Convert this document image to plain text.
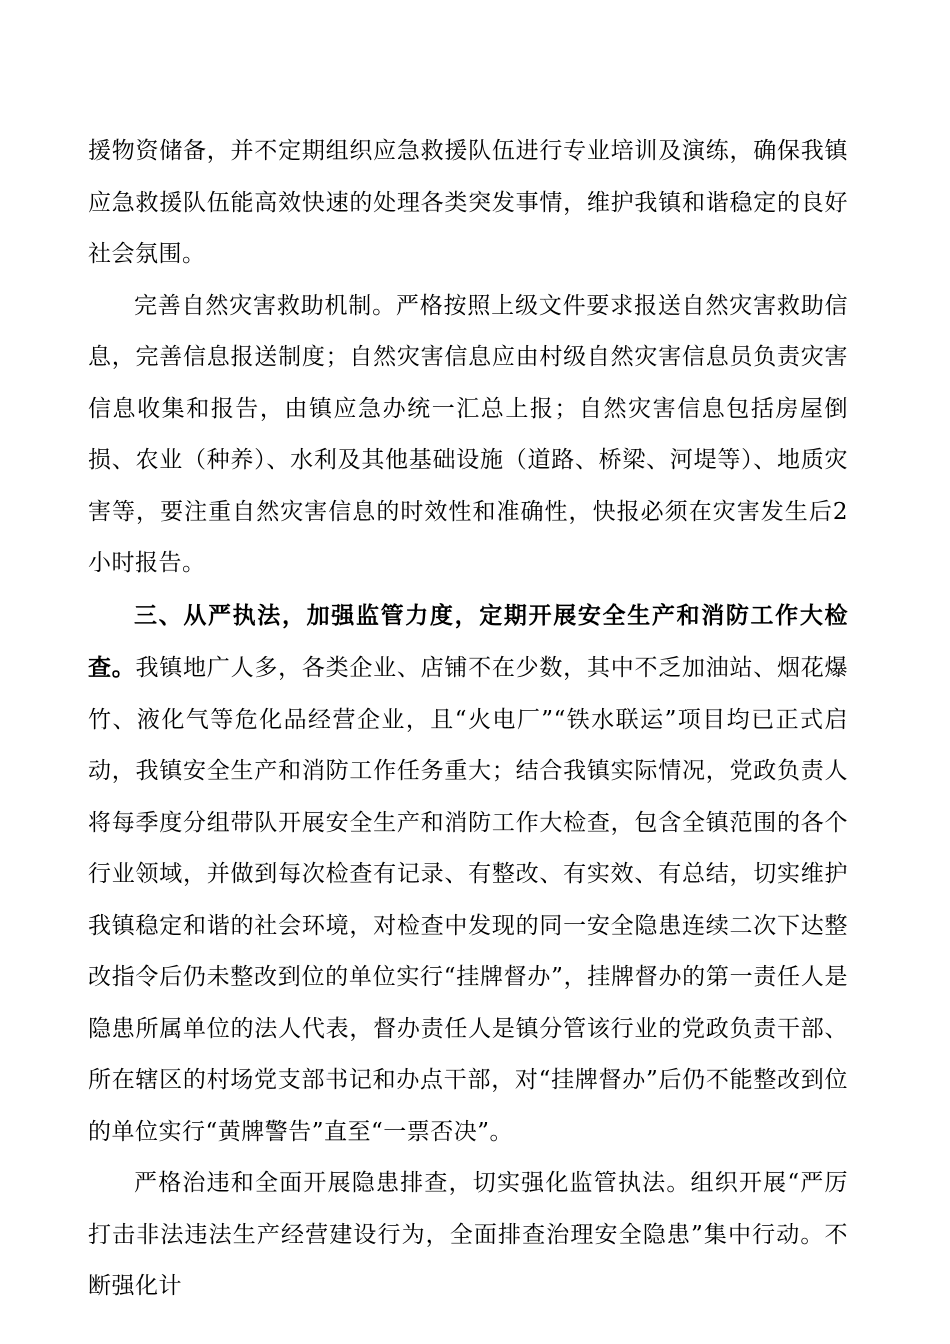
援物资储备，并不定期组织应急救援队伍进行专业培训及演练，确保我镇应急救援队伍能高效快速的处理各类突发事情，维护我镇和谐稳定的良好社会氛围。

完善自然灾害救助机制。严格按照上级文件要求报送自然灾害救助信息，完善信息报送制度；自然灾害信息应由村级自然灾害信息员负责灾害信息收集和报告，由镇应急办统一汇总上报；自然灾害信息包括房屋倒损、农业（种养）、水利及其他基础设施（道路、桥梁、河堤等）、地质灾害等，要注重自然灾害信息的时效性和准确性，快报必须在灾害发生后2小时报告。

三、从严执法，加强监管力度，定期开展安全生产和消防工作大检查。我镇地广人多，各类企业、店铺不在少数，其中不乏加油站、烟花爆竹、液化气等危化品经营企业，且“火电厂”“铁水联运”项目均已正式启动，我镇安全生产和消防工作任务重大；结合我镇实际情况，党政负责人将每季度分组带队开展安全生产和消防工作大检查，包含全镇范围的各个行业领域，并做到每次检查有记录、有整改、有实效、有总结，切实维护我镇稳定和谐的社会环境，对检查中发现的同一安全隐患连续二次下达整改指令后仍未整改到位的单位实行“挂牌督办”，挂牌督办的第一责任人是隐患所属单位的法人代表，督办责任人是镇分管该行业的党政负责干部、所在辖区的村场党支部书记和办点干部，对“挂牌督办”后仍不能整改到位的单位实行“黄牌警告”直至“一票否决”。

严格治违和全面开展隐患排查，切实强化监管执法。组织开展“严厉打击非法违法生产经营建设行为，全面排查治理安全隐患”集中行动。不断强化计
